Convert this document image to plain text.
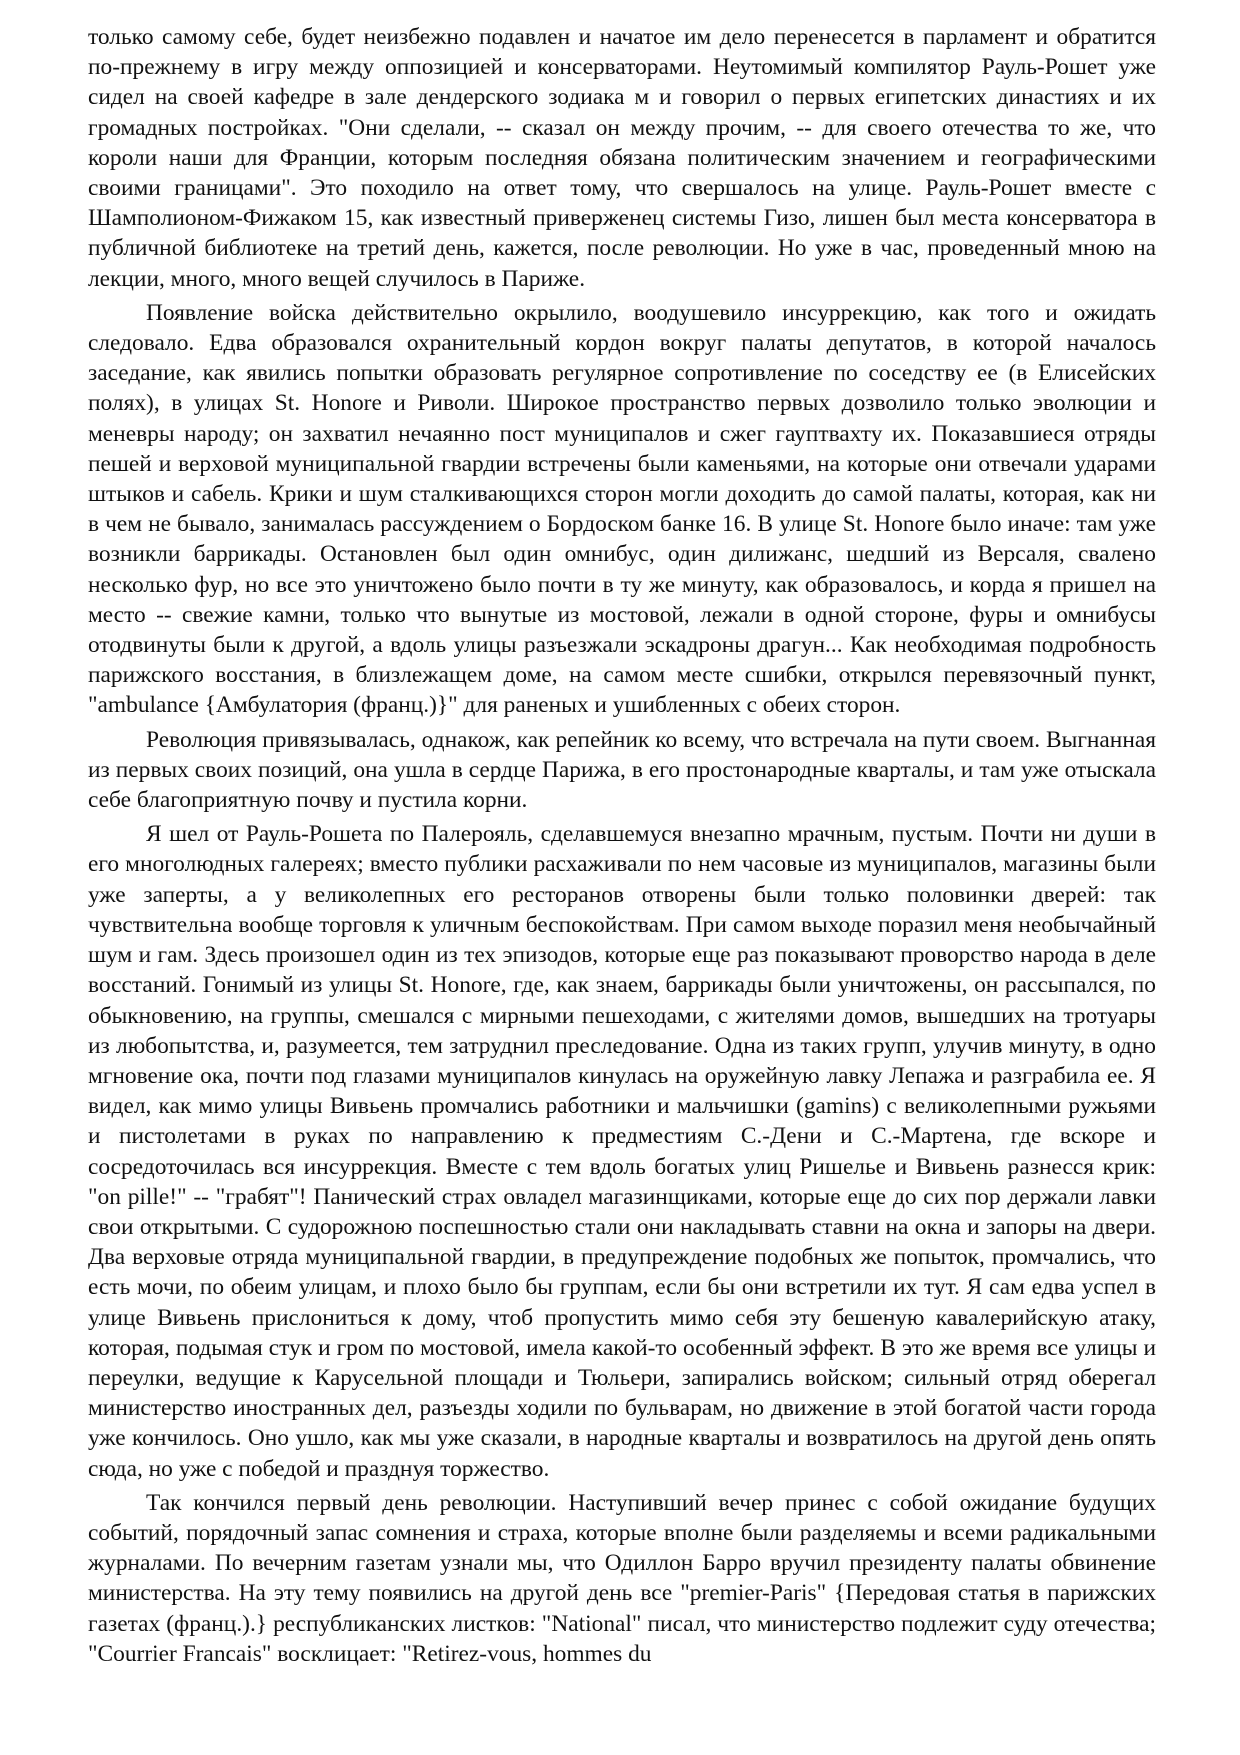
только самому себе, будет неизбежно подавлен и начатое им дело перенесется в парламент и обратится по-прежнему в игру между оппозицией и консерваторами. Неутомимый компилятор Рауль-Рошет уже сидел на своей кафедре в зале дендерского зодиака м и говорил о первых египетских династиях и их громадных постройках. "Они сделали, -- сказал он между прочим, -- для своего отечества то же, что короли наши для Франции, которым последняя обязана политическим значением и географическими своими границами". Это походило на ответ тому, что свершалось на улице. Рауль-Рошет вместе с Шамполионом-Фижаком 15, как известный приверженец системы Гизо, лишен был места консерватора в публичной библиотеке на третий день, кажется, после революции. Но уже в час, проведенный мною на лекции, много, много вещей случилось в Париже.

Появление войска действительно окрылило, воодушевило инсуррекцию, как того и ожидать следовало. Едва образовался охранительный кордон вокруг палаты депутатов, в которой началось заседание, как явились попытки образовать регулярное сопротивление по соседству ее (в Елисейских полях), в улицах St. Honore и Риволи. Широкое пространство первых дозволило только эволюции и меневры народу; он захватил нечаянно пост муниципалов и сжег гауптвахту их. Показавшиеся отряды пешей и верховой муниципальной гвардии встречены были каменьями, на которые они отвечали ударами штыков и сабель. Крики и шум сталкивающихся сторон могли доходить до самой палаты, которая, как ни в чем не бывало, занималась рассуждением о Бордоском банке 16. В улице St. Honore было иначе: там уже возникли баррикады. Остановлен был один омнибус, один дилижанс, шедший из Версаля, свалено несколько фур, но все это уничтожено было почти в ту же минуту, как образовалось, и корда я пришел на место -- свежие камни, только что вынутые из мостовой, лежали в одной стороне, фуры и омнибусы отодвинуты были к другой, а вдоль улицы разъезжали эскадроны драгун... Как необходимая подробность парижского восстания, в близлежащем доме, на самом месте сшибки, открылся перевязочный пункт, "ambulance {Амбулатория (франц.)}" для раненых и ушибленных с обеих сторон.

Революция привязывалась, однакож, как репейник ко всему, что встречала на пути своем. Выгнанная из первых своих позиций, она ушла в сердце Парижа, в его простонародные кварталы, и там уже отыскала себе благоприятную почву и пустила корни.

Я шел от Рауль-Рошета по Палерояль, сделавшемуся внезапно мрачным, пустым. Почти ни души в его многолюдных галереях; вместо публики расхаживали по нем часовые из муниципалов, магазины были уже заперты, а у великолепных его ресторанов отворены были только половинки дверей: так чувствительна вообще торговля к уличным беспокойствам. При самом выходе поразил меня необычайный шум и гам. Здесь произошел один из тех эпизодов, которые еще раз показывают проворство народа в деле восстаний. Гонимый из улицы St. Honore, где, как знаем, баррикады были уничтожены, он рассыпался, по обыкновению, на группы, смешался с мирными пешеходами, с жителями домов, вышедших на тротуары из любопытства, и, разумеется, тем затруднил преследование. Одна из таких групп, улучив минуту, в одно мгновение ока, почти под глазами муниципалов кинулась на оружейную лавку Лепажа и разграбила ее. Я видел, как мимо улицы Вивьень промчались работники и мальчишки (gamins) с великолепными ружьями и пистолетами в руках по направлению к предместиям С.-Дени и С.-Мартена, где вскоре и сосредоточилась вся инсуррекция. Вместе с тем вдоль богатых улиц Ришелье и Вивьень разнесся крик: "on pille!" -- "грабят"! Панический страх овладел магазинщиками, которые еще до сих пор держали лавки свои открытыми. С судорожною поспешностью стали они накладывать ставни на окна и запоры на двери. Два верховые отряда муниципальной гвардии, в предупреждение подобных же попыток, промчались, что есть мочи, по обеим улицам, и плохо было бы группам, если бы они встретили их тут. Я сам едва успел в улице Вивьень прислониться к дому, чтоб пропустить мимо себя эту бешеную кавалерийскую атаку, которая, подымая стук и гром по мостовой, имела какой-то особенный эффект. В это же время все улицы и переулки, ведущие к Карусельной площади и Тюльери, запирались войском; сильный отряд оберегал министерство иностранных дел, разъезды ходили по бульварам, но движение в этой богатой части города уже кончилось. Оно ушло, как мы уже сказали, в народные кварталы и возвратилось на другой день опять сюда, но уже с победой и празднуя торжество.

Так кончился первый день революции. Наступивший вечер принес с собой ожидание будущих событий, порядочный запас сомнения и страха, которые вполне были разделяемы и всеми радикальными журналами. По вечерним газетам узнали мы, что Одиллон Барро вручил президенту палаты обвинение министерства. На эту тему появились на другой день все "premier-Paris" {Передовая статья в парижских газетах (франц.).} республиканских листков: "National" писал, что министерство подлежит суду отечества; "Courrier Francais" восклицает: "Retirez-vous, hommes du
